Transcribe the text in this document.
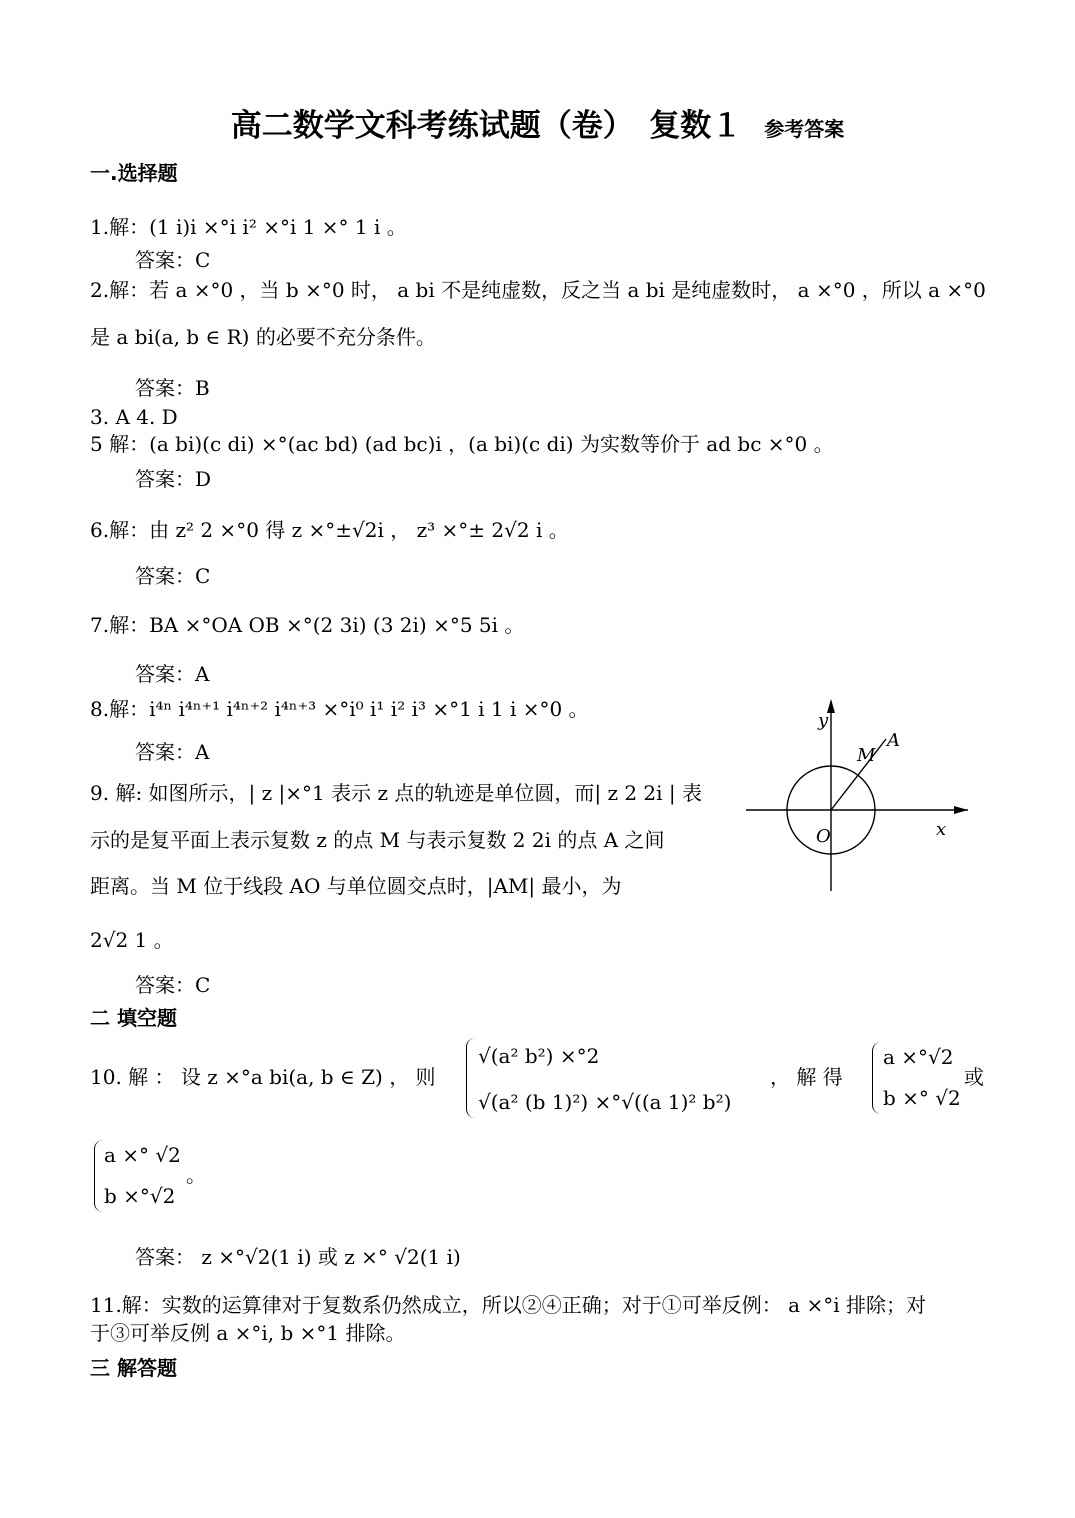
高二数学文科考练试题（卷）　复数１ 参考答案
一.选择题
1.解：(1 i)i ×°i i² ×°i 1 ×° 1 i 。
答案：C
2.解：若 a ×°0 ，当 b ×°0 时， a bi 不是纯虚数，反之当 a bi 是纯虚数时， a ×°0 ，所以 a ×°0
是 a bi(a, b ∈ R) 的必要不充分条件。
答案：B
3. A 4. D
5 解：(a bi)(c di) ×°(ac bd) (ad bc)i ，(a bi)(c di) 为实数等价于 ad bc ×°0 。
答案：D
6.解：由 z² 2 ×°0 得 z ×°±√2i ， z³ ×°± 2√2 i 。
答案：C
7.解：BA ×°OA OB ×°(2 3i) (3 2i) ×°5 5i 。
答案：A
8.解：i⁴ⁿ i⁴ⁿ⁺¹ i⁴ⁿ⁺² i⁴ⁿ⁺³ ×°i⁰ i¹ i² i³ ×°1 i 1 i ×°0 。
答案：A
9. 解: 如图所示，| z |×°1 表示 z 点的轨迹是单位圆，而| z 2 2i | 表
示的是复平面上表示复数 z 的点 M 与表示复数 2 2i 的点 A 之间
距离。当 M 位于线段 AO 与单位圆交点时，|AM| 最小，为
2√2 1 。
答案：C
y
x
O
M
A
二 填空题
10. 解 ： 设 z ×°a bi(a, b ∈ Z) ， 则
√(a² b²) ×°2
√(a² (b 1)²) ×°√((a 1)² b²)
， 解 得
a ×°√2
b ×° √2
或
a ×° √2
b ×°√2
。
答案： z ×°√2(1 i) 或 z ×° √2(1 i)
11.解：实数的运算律对于复数系仍然成立，所以②④正确；对于①可举反例： a ×°i 排除；对
于③可举反例 a ×°i, b ×°1 排除。
三 解答题
